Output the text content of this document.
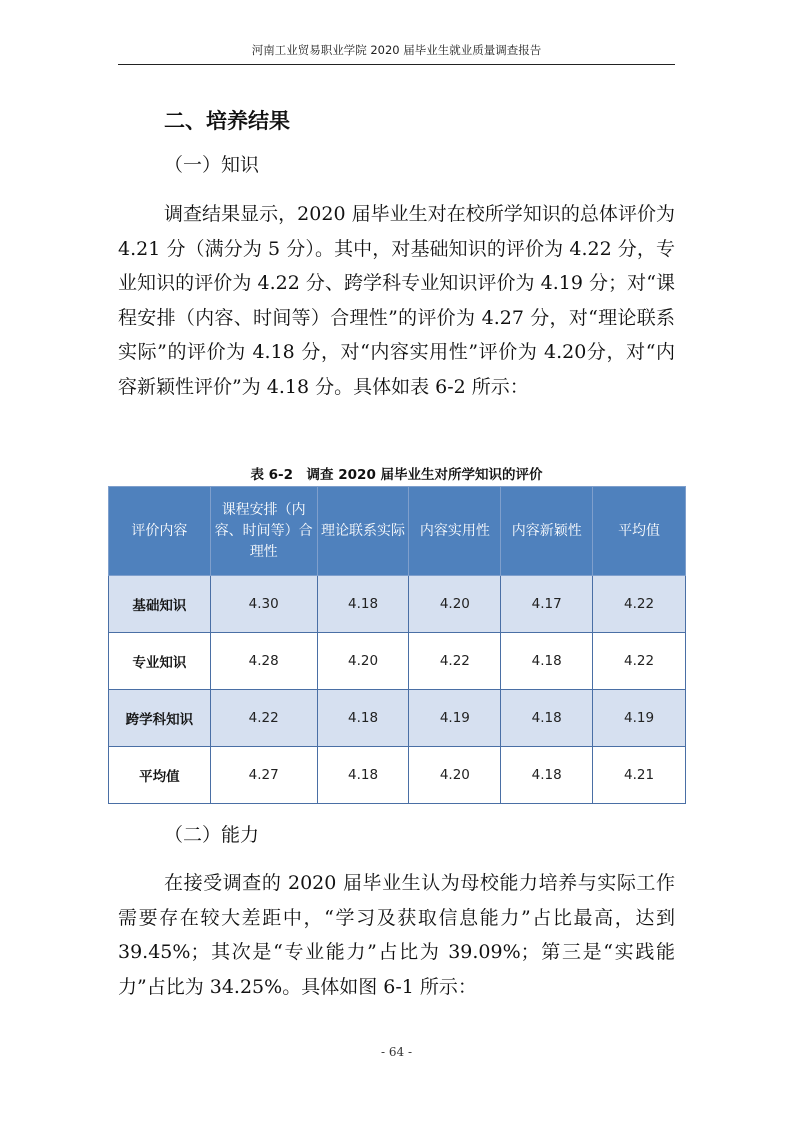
河南工业贸易职业学院 2020 届毕业生就业质量调查报告
二、培养结果
（一）知识

调查结果显示，2020 届毕业生对在校所学知识的总体评价为 4.21 分（满分为 5 分）。其中，对基础知识的评价为 4.22 分，专业知识的评价为 4.22 分、跨学科专业知识评价为 4.19 分；对“课程安排（内容、时间等）合理性”的评价为 4.27 分，对“理论联系实际”的评价为 4.18 分，对“内容实用性”评价为 4.20分，对“内容新颖性评价”为 4.18 分。具体如表 6-2 所示：

表 6-2　调查 2020 届毕业生对所学知识的评价
评价内容	课程安排（内容、时间等）合理性	理论联系实际	内容实用性	内容新颖性	平均值
基础知识	4.30	4.18	4.20	4.17	4.22
专业知识	4.28	4.20	4.22	4.18	4.22
跨学科知识	4.22	4.18	4.19	4.18	4.19
平均值	4.27	4.18	4.20	4.18	4.21
（二）能力

在接受调查的 2020 届毕业生认为母校能力培养与实际工作需要存在较大差距中，“学习及获取信息能力”占比最高，达到 39.45%；其次是“专业能力”占比为 39.09%；第三是“实践能力”占比为 34.25%。具体如图 6-1 所示：

- 64 -
